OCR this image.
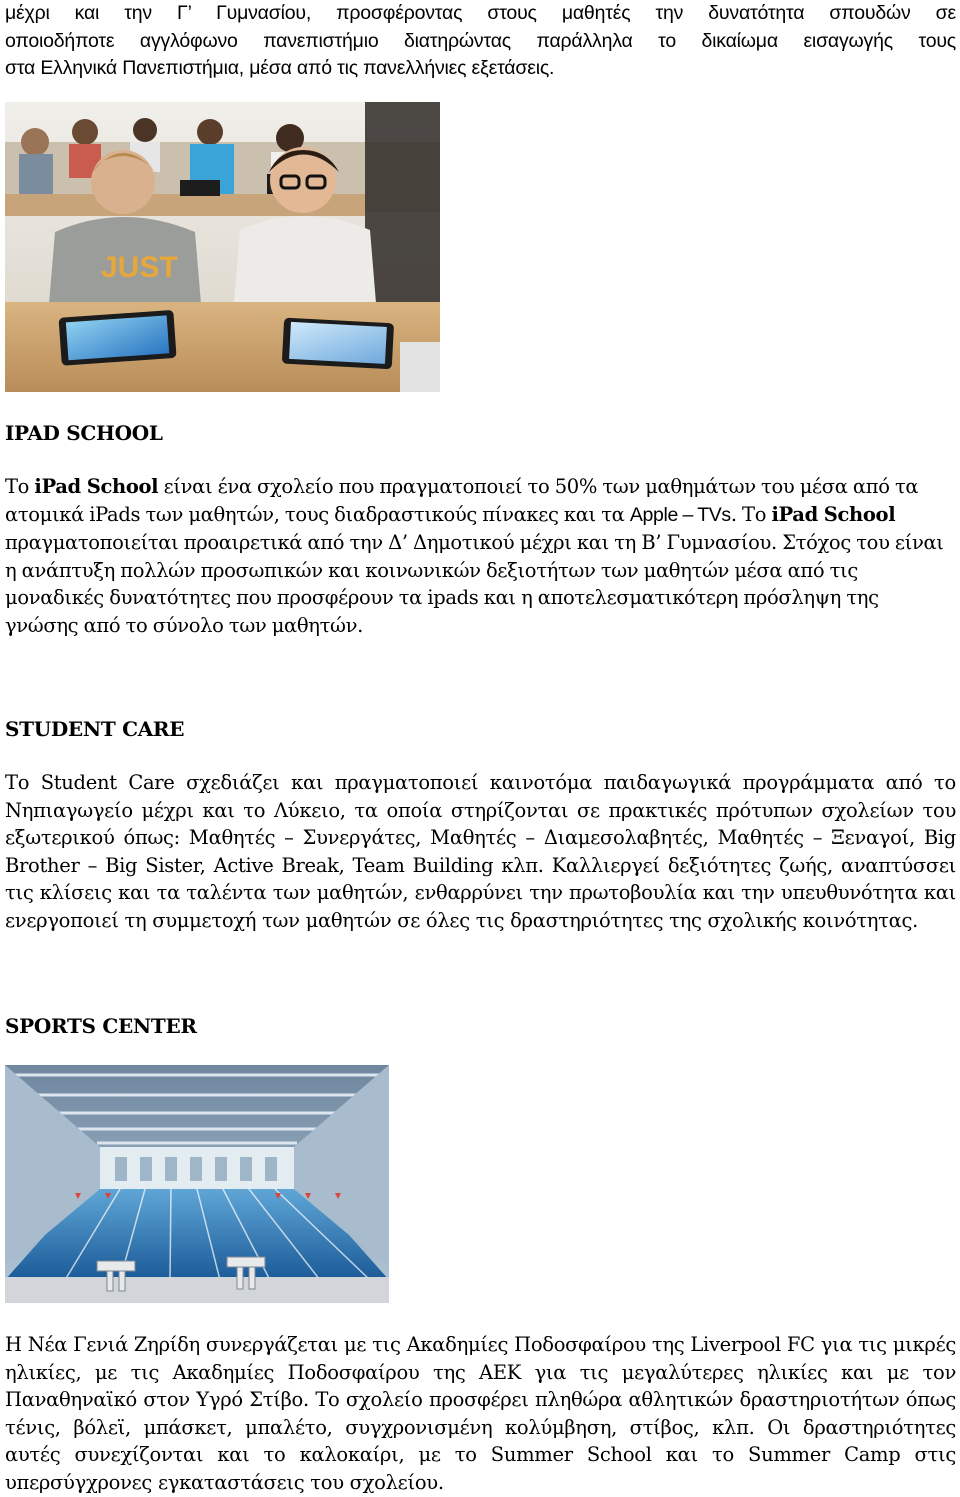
μέχρι και την Γ’ Γυμνασίου, προσφέροντας στους μαθητές την δυνατότητα σπουδών σε
οποιοδήποτε αγγλόφωνο πανεπιστήμιο διατηρώντας παράλληλα το δικαίωμα εισαγωγής τους
στα Ελληνικά Πανεπιστήμια, μέσα από τις πανελλήνιες εξετάσεις.
JUST
IPAD SCHOOL
Το iPad School είναι ένα σχολείο που πραγματοποιεί το 50% των μαθημάτων του μέσα από τα ατομικά iPads των μαθητών, τους διαδραστικούς πίνακες και τα Apple – TVs. Το iPad School πραγματοποιείται προαιρετικά από την Δ’ Δημοτικού μέχρι και τη Β’ Γυμνασίου. Στόχος του είναι η ανάπτυξη πολλών προσωπικών και κοινωνικών δεξιοτήτων των μαθητών μέσα από τις μοναδικές δυνατότητες που προσφέρουν τα ipads και η αποτελεσματικότερη πρόσληψη της γνώσης από το σύνολο των μαθητών.
STUDENT CARE
Το Student Care σχεδιάζει και πραγματοποιεί καινοτόμα παιδαγωγικά προγράμματα από το Νηπιαγωγείο μέχρι και το Λύκειο, τα οποία στηρίζονται σε πρακτικές πρότυπων σχολείων του εξωτερικού όπως: Μαθητές – Συνεργάτες, Μαθητές – Διαμεσολαβητές, Μαθητές – Ξεναγοί, Big Brother – Big Sister, Active Break, Team Building κλπ. Καλλιεργεί δεξιότητες ζωής, αναπτύσσει τις κλίσεις και τα ταλέντα των μαθητών, ενθαρρύνει την πρωτοβουλία και την υπευθυνότητα και ενεργοποιεί τη συμμετοχή των μαθητών σε όλες τις δραστηριότητες της σχολικής κοινότητας.
SPORTS CENTER
Η Νέα Γενιά Ζηρίδη συνεργάζεται με τις Ακαδημίες Ποδοσφαίρου της Liverpool FC για τις μικρές ηλικίες, με τις Ακαδημίες Ποδοσφαίρου της ΑΕΚ για τις μεγαλύτερες ηλικίες και με τον Παναθηναϊκό στον Υγρό Στίβο. Το σχολείο προσφέρει πληθώρα αθλητικών δραστηριοτήτων όπως τένις, βόλεϊ, μπάσκετ, μπαλέτο, συγχρονισμένη κολύμβηση, στίβος, κλπ. Οι δραστηριότητες αυτές συνεχίζονται και το καλοκαίρι, με το Summer School και το Summer Camp στις υπερσύγχρονες εγκαταστάσεις του σχολείου.
